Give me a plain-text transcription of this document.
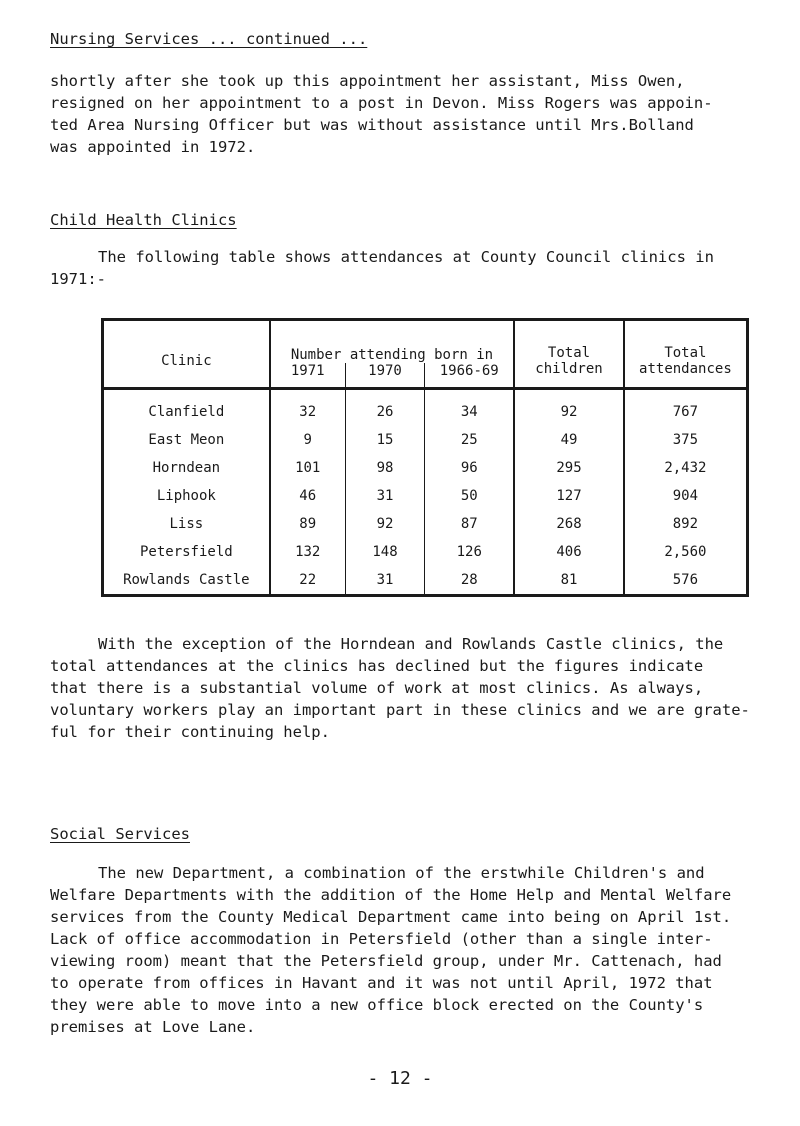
Nursing Services ... continued ...

shortly after she took up this appointment her assistant, Miss Owen,
resigned on her appointment to a post in Devon. Miss Rogers was appoin-
ted Area Nursing Officer but was without assistance until Mrs.Bolland
was appointed in 1972.

Child Health Clinics

The following table shows attendances at County Council clinics in
1971:-

Clinic	Number attending born in			Total children	Total attendances
	1971	1970	1966-69		
Clanfield	32	26	34	92	767
East Meon	9	15	25	49	375
Horndean	101	98	96	295	2,432
Liphook	46	31	50	127	904
Liss	89	92	87	268	892
Petersfield	132	148	126	406	2,560
Rowlands Castle	22	31	28	81	576

With the exception of the Horndean and Rowlands Castle clinics, the
total attendances at the clinics has declined but the figures indicate
that there is a substantial volume of work at most clinics. As always,
voluntary workers play an important part in these clinics and we are grate-
ful for their continuing help.

Social Services

The new Department, a combination of the erstwhile Children's and
Welfare Departments with the addition of the Home Help and Mental Welfare
services from the County Medical Department came into being on April 1st.
Lack of office accommodation in Petersfield (other than a single inter-
viewing room) meant that the Petersfield group, under Mr. Cattenach, had
to operate from offices in Havant and it was not until April, 1972 that
they were able to move into a new office block erected on the County's
premises at Love Lane.

- 12 -
